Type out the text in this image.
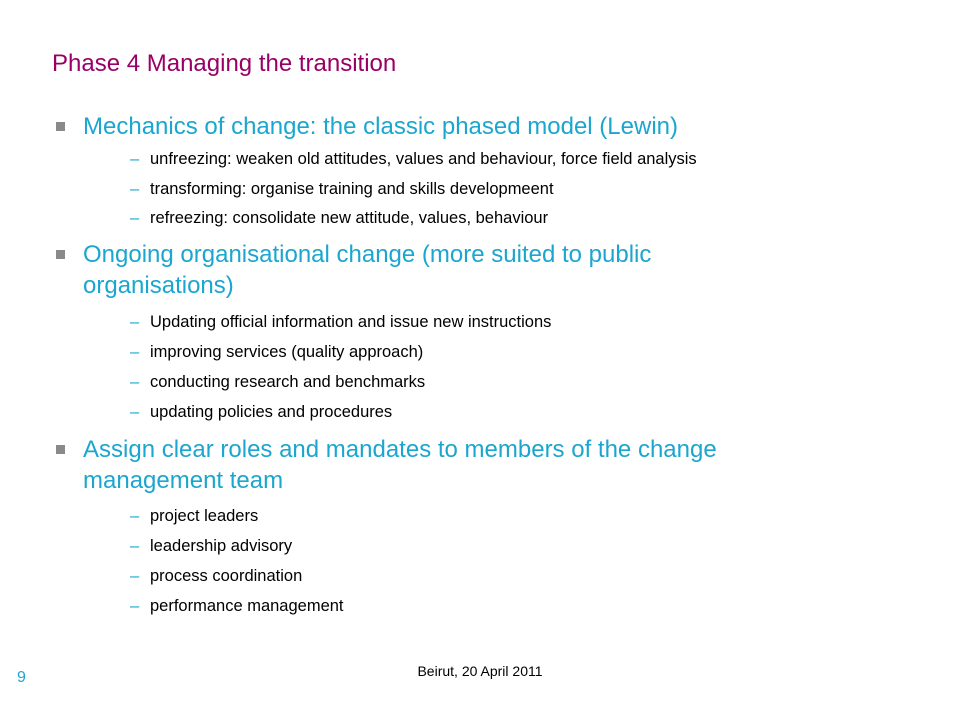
Phase 4 Managing the transition
Mechanics of change: the classic phased model (Lewin)
– unfreezing: weaken old attitudes, values and behaviour, force field analysis
– transforming: organise training and skills developmeent
– refreezing: consolidate new attitude, values, behaviour
Ongoing organisational change (more suited to public organisations)
– Updating official information and issue new instructions
– improving services (quality approach)
– conducting research and benchmarks
– updating policies and procedures
Assign clear roles and mandates to members of the change management team
– project leaders
– leadership advisory
– process coordination
– performance management
Beirut, 20 April 2011
9
